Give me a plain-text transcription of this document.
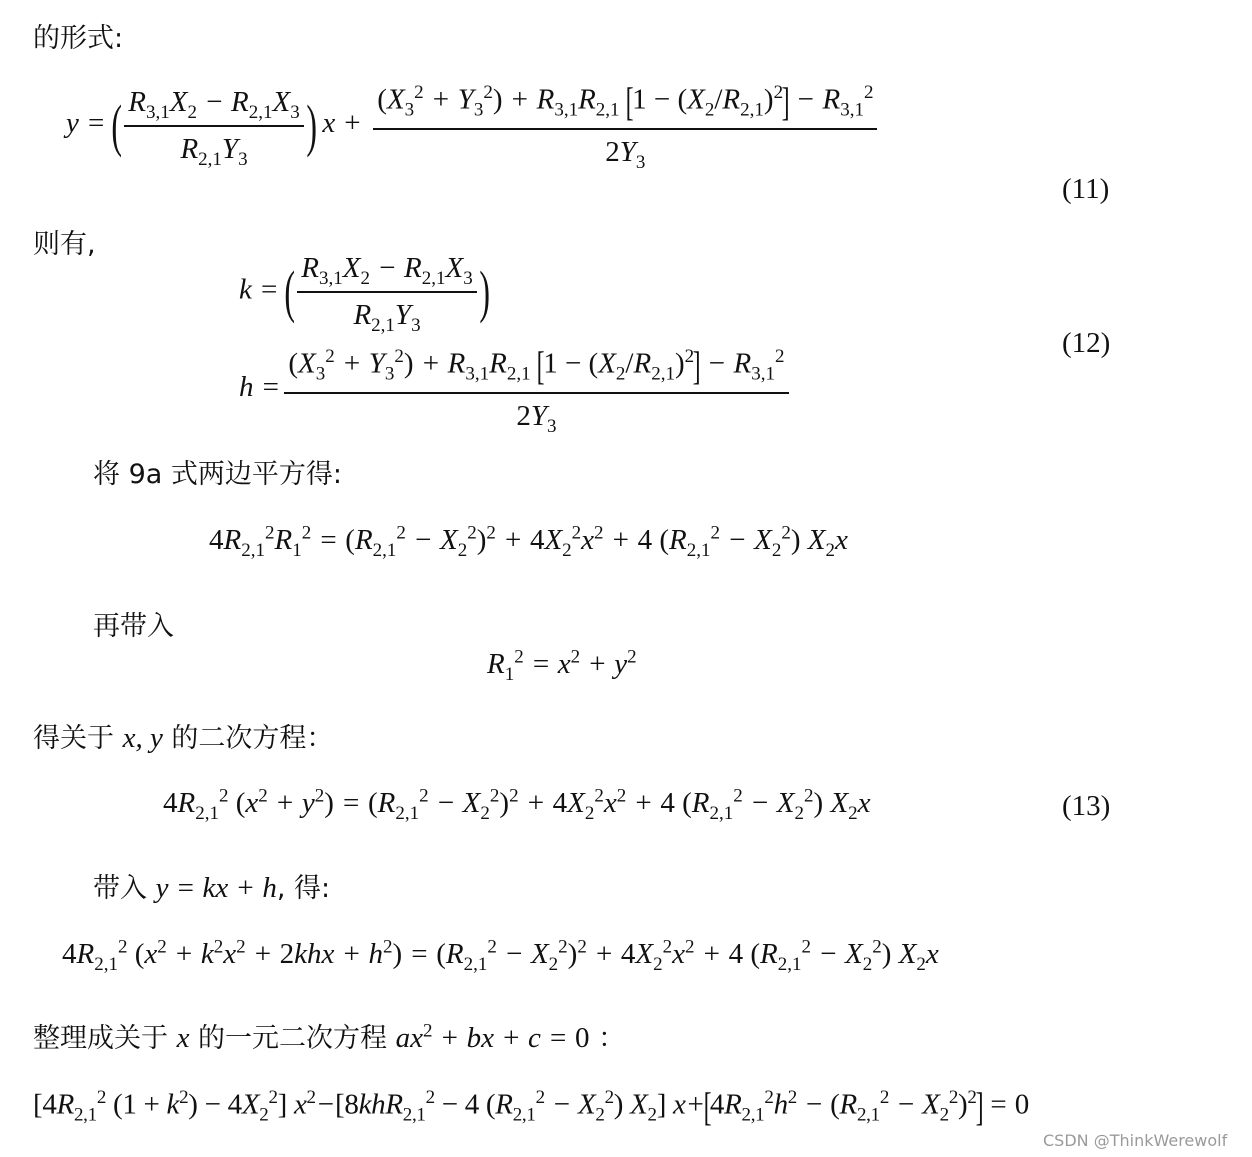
的形式:
y = ( $\frac{R_{3,1}X_2 - R_{2,1}X_3}{R_{2,1}Y_3}$ ) $x + \frac{(X_3^2 + Y_3^2) + R_{3,1}R_{2,1} [1 - (X_2/R_{2,1})^2] - R_{3,1}^2}{2Y_3}$
(11)
则有,
k = ( $\frac{R_{3,1}X_2 - R_{2,1}X_3}{R_{2,1}Y_3}$ )
$h = \frac{(X_3^2 + Y_3^2) + R_{3,1}R_{2,1} [1 - (X_2/R_{2,1})^2] - R_{3,1}^2}{2Y_3}$
(12)
将 9a 式两边平方得:
$4R_{2,1}^2R_1^2 = (R_{2,1}^2 - X_2^2)^2 + 4X_2^2x^2 + 4$ $(R_{2,1}^2 - X_2^2)$ $X_2x$
再带入
$R_1^2 = x^2 + y^2$
得关于 x, y 的二次方程：
$4R_{2,1}^2$ $(x^2 + y^2) = (R_{2,1}^2 - X_2^2)^2 + 4X_2^2x^2 + 4$ $(R_{2,1}^2 - X_2^2)$ $X_2x$	(13)
带入 y = kx + h, 得:
$4R_{2,1}^2$ $(x^2 + k^2x^2 + 2khx + h^2) = (R_{2,1}^2 - X_2^2)^2 + 4X_2^2x^2 + 4$ $(R_{2,1}^2 - X_2^2)$ $X_2x$
整理成关于 x 的一元二次方程 $ax^2$ + bx + c = 0 ：
[$4R_{2,1}^2$ $(1 + k^2) - 4X_2^2$] $x^2-[8khR_{2,1}^2 - 4$ $(R_{2,1}^2 - X_2^2)$ $X_2$] $x+[4R_{2,1}^2h^2 - (R_{2,1}^2 - X_2^2)^2] = 0$
CSDN @ThinkWerewolf
